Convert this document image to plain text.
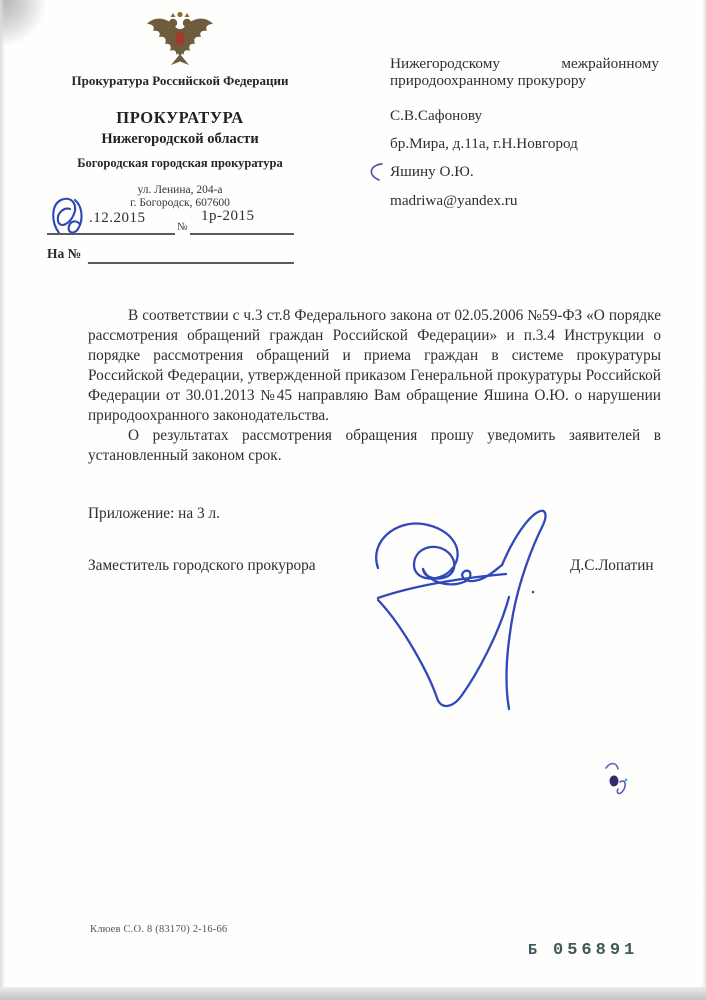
Прокуратура Российской Федерации
ПРОКУРАТУРА
Нижегородской области
Богородская городская прокуратура
ул. Ленина, 204-а
г. Богородск, 607600
.12.2015
№
1р-2015
На №
Нижегородскому	межрайонному
природоохранному прокурору
С.В.Сафонову
бр.Мира, д.11а, г.Н.Новгород
Яшину О.Ю.
madriwa@yandex.ru

В соответствии с ч.3 ст.8 Федерального закона от 02.05.2006 №59-ФЗ «О порядке рассмотрения обращений граждан Российской Федерации» и п.3.4 Инструкции о порядке рассмотрения обращений и приема граждан в системе прокуратуры Российской Федерации, утвержденной приказом Генеральной прокуратуры Российской Федерации от 30.01.2013 №45 направляю Вам обращение Яшина О.Ю. о нарушении природоохранного законодательства.

О результатах рассмотрения обращения прошу уведомить заявителей в установленный законом срок.

Приложение: на 3 л.
Заместитель городского прокурора	Д.С.Лопатин
Клюев С.О. 8 (83170) 2-16-66
Б 056891
